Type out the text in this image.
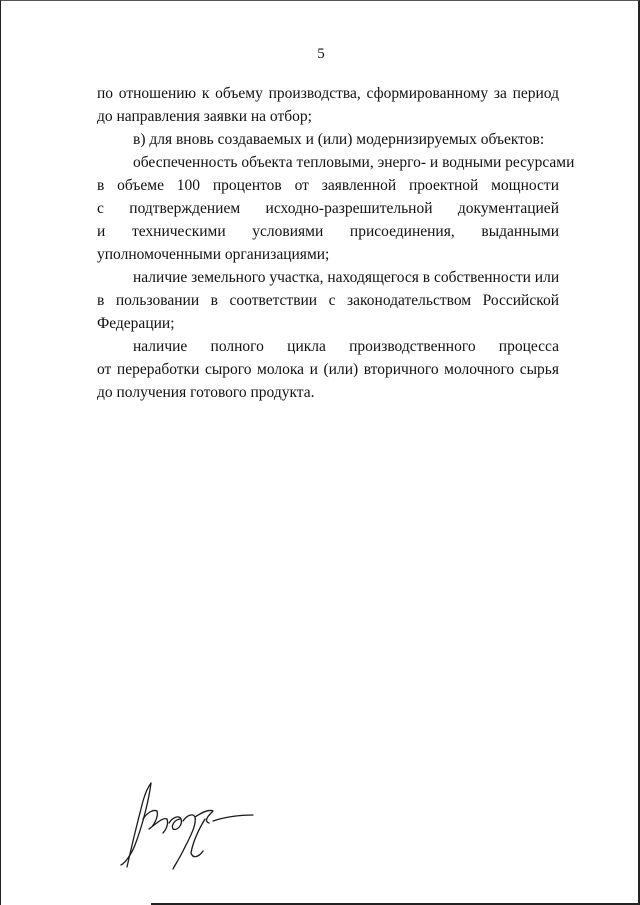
5
по отношению к объему производства, сформированному за период
до направления заявки на отбор;
в) для вновь создаваемых и (или) модернизируемых объектов:
обеспеченность объекта тепловыми, энерго- и водными ресурсами
в объеме 100 процентов от заявленной проектной мощности
с подтверждением исходно-разрешительной документацией
и техническими условиями присоединения, выданными
уполномоченными организациями;
наличие земельного участка, находящегося в собственности или
в пользовании в соответствии с законодательством Российской
Федерации;
наличие полного цикла производственного процесса
от переработки сырого молока и (или) вторичного молочного сырья
до получения готового продукта.
